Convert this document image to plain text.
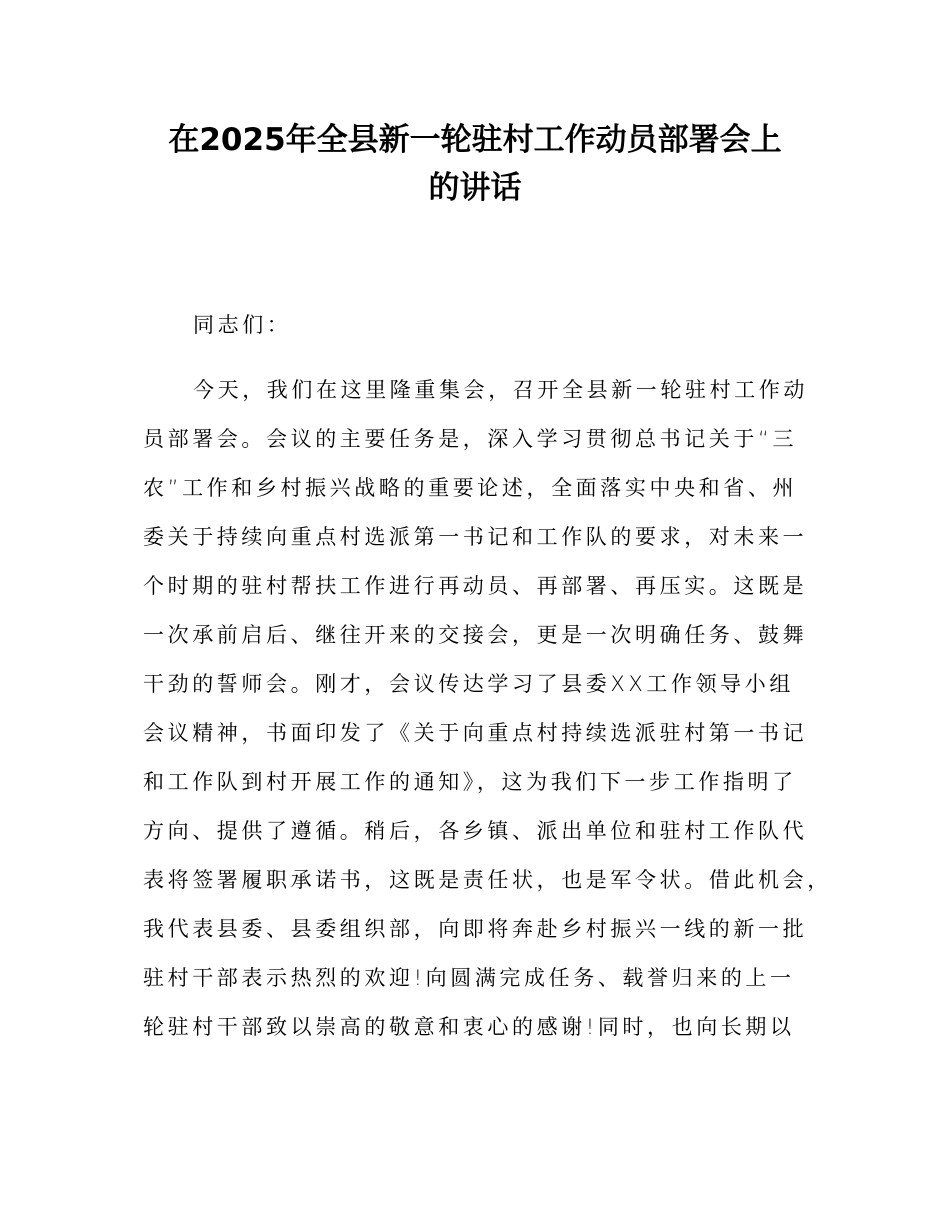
在2025年全县新一轮驻村工作动员部署会上
的讲话
同志们：
今天，我们在这里隆重集会，召开全县新一轮驻村工作动
员部署会。会议的主要任务是，深入学习贯彻总书记关于“三
农”工作和乡村振兴战略的重要论述，全面落实中央和省、州
委关于持续向重点村选派第一书记和工作队的要求，对未来一
个时期的驻村帮扶工作进行再动员、再部署、再压实。这既是
一次承前启后、继往开来的交接会，更是一次明确任务、鼓舞
干劲的誓师会。刚才，会议传达学习了县委XX工作领导小组
会议精神，书面印发了《关于向重点村持续选派驻村第一书记
和工作队到村开展工作的通知》，这为我们下一步工作指明了
方向、提供了遵循。稍后，各乡镇、派出单位和驻村工作队代
表将签署履职承诺书，这既是责任状，也是军令状。借此机会，
我代表县委、县委组织部，向即将奔赴乡村振兴一线的新一批
驻村干部表示热烈的欢迎!向圆满完成任务、载誉归来的上一
轮驻村干部致以崇高的敬意和衷心的感谢!同时，也向长期以
